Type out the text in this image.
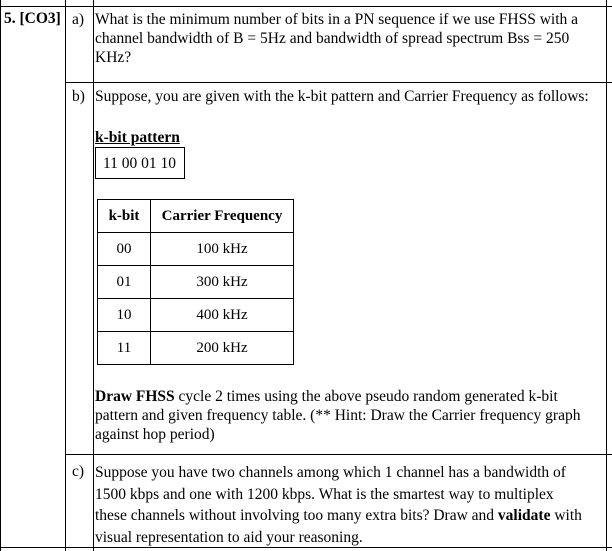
5. [CO3] a) What is the minimum number of bits in a PN sequence if we use FHSS with a
channel bandwidth of B = 5Hz and bandwidth of spread spectrum Bss = 250
KHz?
b) Suppose, you are given with the k-bit pattern and Carrier Frequency as follows:
k-bit pattern
11 00 01 10
k-bit	Carrier Frequency
00	100 kHz
01	300 kHz
10	400 kHz
11	200 kHz
Draw FHSS cycle 2 times using the above pseudo random generated k-bit
pattern and given frequency table. (** Hint: Draw the Carrier frequency graph
against hop period)
c) Suppose you have two channels among which 1 channel has a bandwidth of
1500 kbps and one with 1200 kbps. What is the smartest way to multiplex
these channels without involving too many extra bits? Draw and validate with
visual representation to aid your reasoning.
